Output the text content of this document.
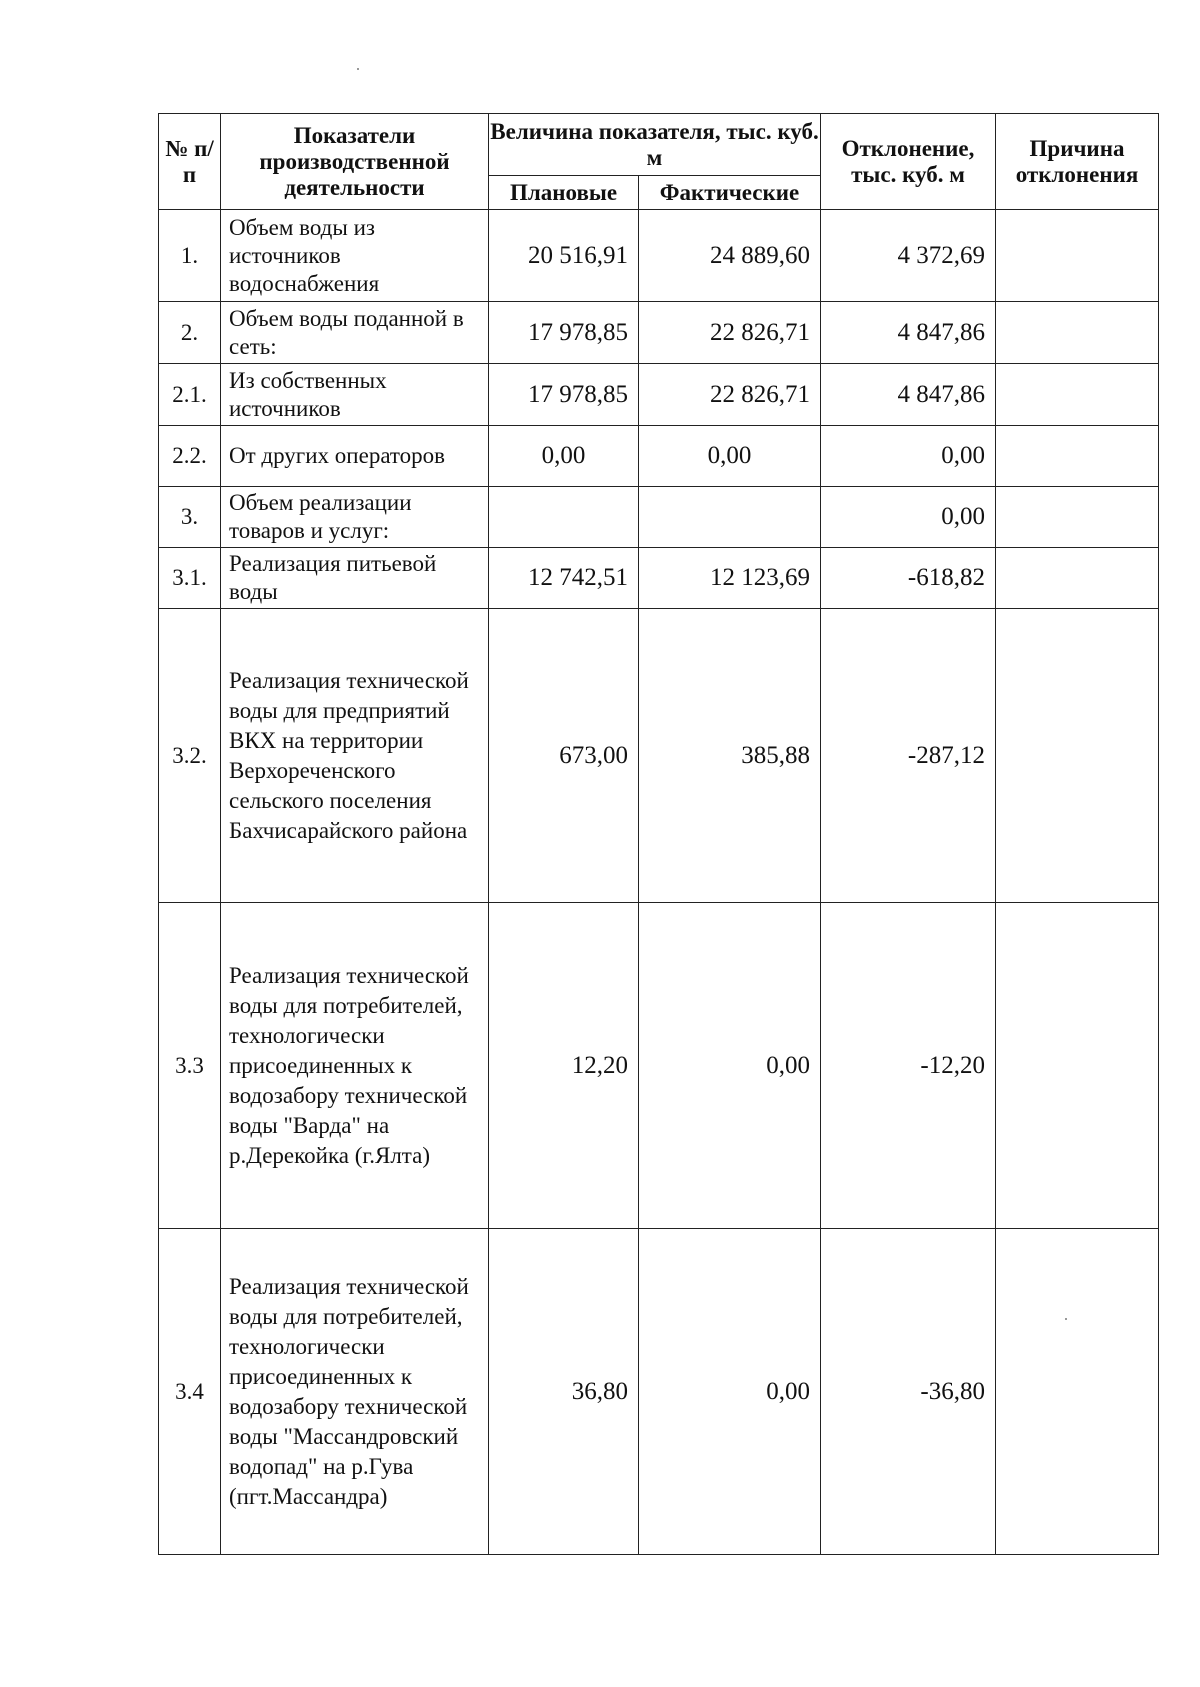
№ п/п	Показатели производственной деятельности	Величина показателя, тыс. куб. м		Отклонение, тыс. куб. м	Причина отклонения
		Плановые	Фактические		
1.	Объем воды из источников водоснабжения	20 516,91	24 889,60	4 372,69	
2.	Объем воды поданной в сеть:	17 978,85	22 826,71	4 847,86	
2.1.	Из собственных источников	17 978,85	22 826,71	4 847,86	
2.2.	От других операторов	0,00	0,00	0,00	
3.	Объем реализации товаров и услуг:			0,00	
3.1.	Реализация питьевой воды	12 742,51	12 123,69	-618,82	
3.2.	Реализация технической воды для предприятий ВКХ на территории Верхореченского сельского поселения Бахчисарайского района	673,00	385,88	-287,12	
3.3	Реализация технической воды для потребителей, технологически присоединенных к водозабору технической воды "Варда" на р.Дерекойка (г.Ялта)	12,20	0,00	-12,20	
3.4	Реализация технической воды для потребителей, технологически присоединенных к водозабору технической воды "Массандровский водопад" на р.Гува (пгт.Массандра)	36,80	0,00	-36,80	
